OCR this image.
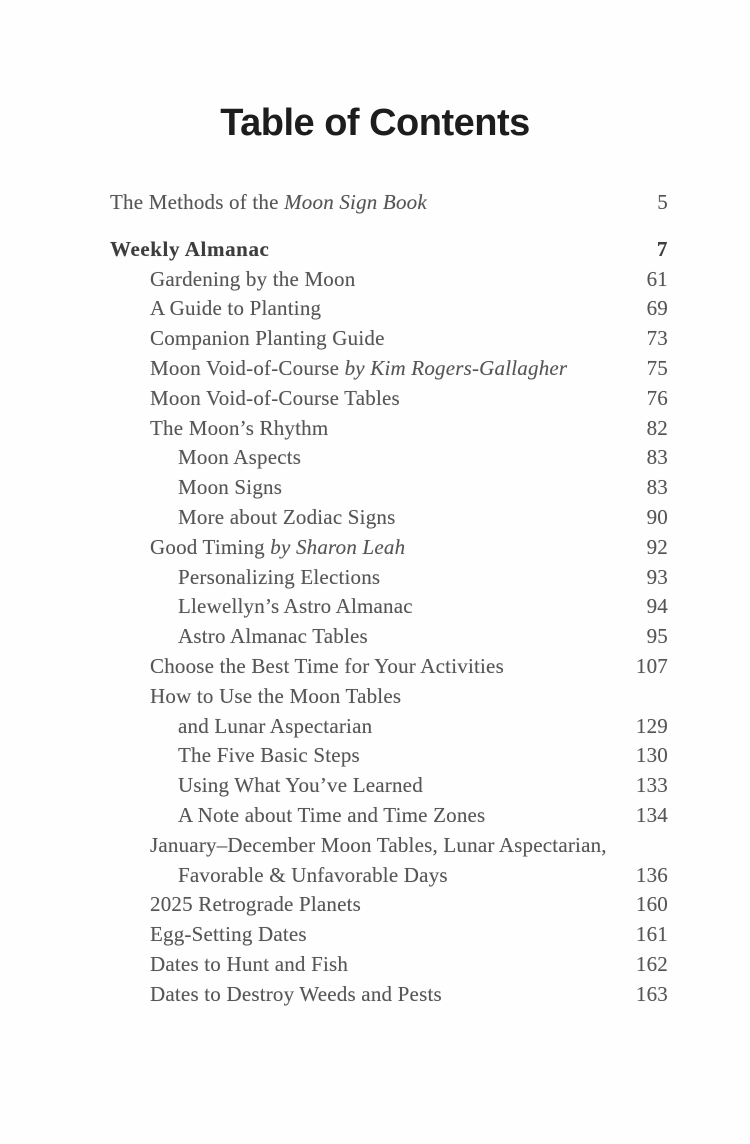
Table of Contents
The Methods of the Moon Sign Book	5
Weekly Almanac	7
Gardening by the Moon	61
A Guide to Planting	69
Companion Planting Guide	73
Moon Void-of-Course by Kim Rogers-Gallagher	75
Moon Void-of-Course Tables	76
The Moon’s Rhythm	82
Moon Aspects	83
Moon Signs	83
More about Zodiac Signs	90
Good Timing by Sharon Leah	92
Personalizing Elections	93
Llewellyn’s Astro Almanac	94
Astro Almanac Tables	95
Choose the Best Time for Your Activities	107
How to Use the Moon Tables
and Lunar Aspectarian	129
The Five Basic Steps	130
Using What You’ve Learned	133
A Note about Time and Time Zones	134
January–December Moon Tables, Lunar Aspectarian,
Favorable & Unfavorable Days	136
2025 Retrograde Planets	160
Egg-Setting Dates	161
Dates to Hunt and Fish	162
Dates to Destroy Weeds and Pests	163
